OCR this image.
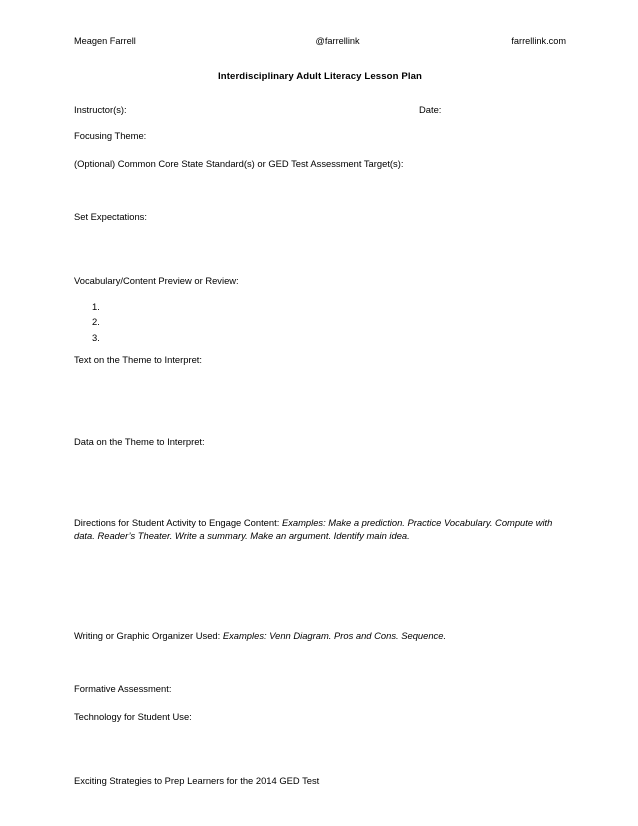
Meagen Farrell	@farrellink	farrellink.com
Interdisciplinary Adult Literacy Lesson Plan
Instructor(s):	Date:
Focusing Theme:
(Optional) Common Core State Standard(s) or GED Test Assessment Target(s):
Set Expectations:
Vocabulary/Content Preview or Review:
1.
2.
3.
Text on the Theme to Interpret:
Data on the Theme to Interpret:
Directions for Student Activity to Engage Content: Examples: Make a prediction. Practice Vocabulary. Compute with data. Reader’s Theater. Write a summary. Make an argument. Identify main idea.
Writing or Graphic Organizer Used: Examples: Venn Diagram. Pros and Cons. Sequence.
Formative Assessment:
Technology for Student Use:
Exciting Strategies to Prep Learners for the 2014 GED Test
